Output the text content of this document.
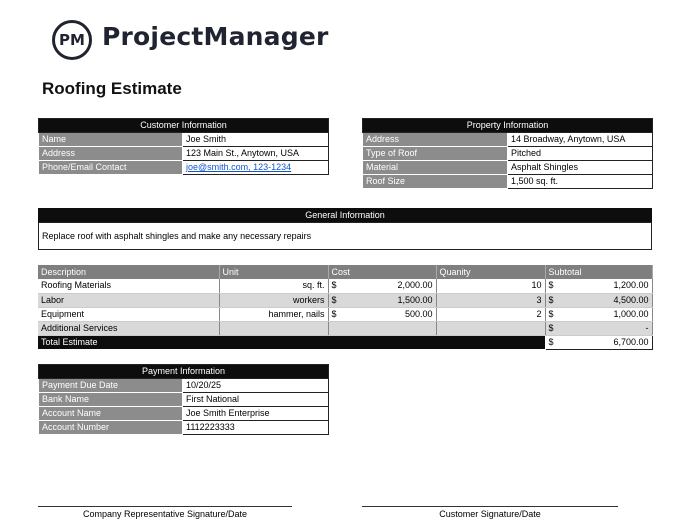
PM ProjectManager
Roofing Estimate
Customer Information	
Name	Joe Smith
Address	123 Main St., Anytown, USA
Phone/Email Contact	joe@smith.com, 123-1234
Property Information	
Address	14 Broadway, Anytown, USA
Type of Roof	Pitched
Material	Asphalt Shingles
Roof Size	1,500 sq. ft.
General Information
Replace roof with asphalt shingles and make any necessary repairs
Description	Unit	Cost	Quanity	Subtotal
Roofing Materials	sq. ft.	$ 2,000.00	10	$ 1,200.00

Labor	workers	$ 1,500.00	3	$ 4,500.00

Equipment	hammer, nails	$ 500.00	2	$ 1,000.00

Additional Services				$ -

Total Estimate				$ 6,700.00
Payment Information	
Payment Due Date	10/20/25
Bank Name	First National
Account Name	Joe Smith Enterprise
Account Number	1112223333
Company Representative Signature/Date	Customer Signature/Date
